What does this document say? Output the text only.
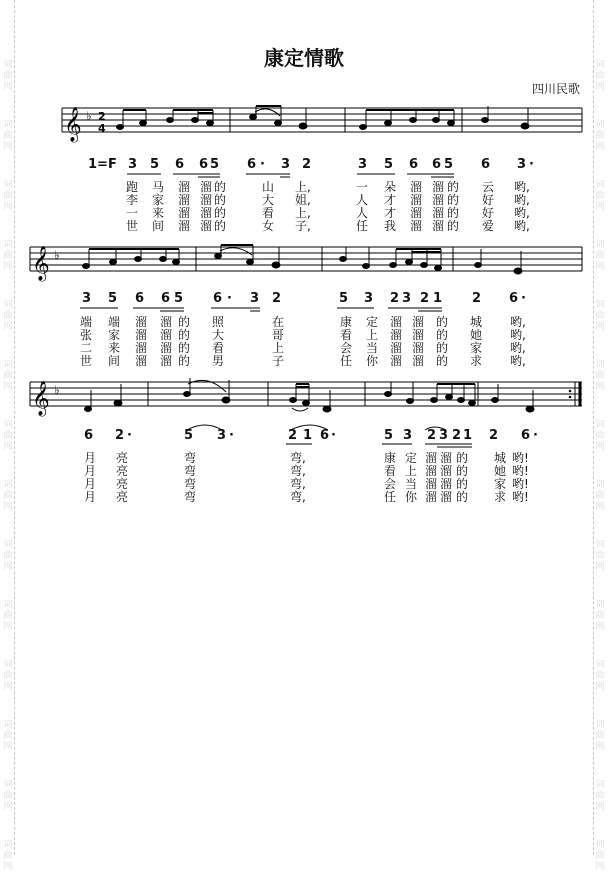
词
曲
网
词
曲
网
词
曲
网
词
曲
网
词
曲
网
词
曲
网
词
曲
网
词
曲
网
词
曲
网
词
曲
网
词
曲
网
词
曲
网
词
曲
网
词
曲
网
词
曲
网
词
曲
网
词
曲
网
词
曲
网
词
曲
网
词
曲
网
词
曲
网
词
曲
网
词
曲
网
词
曲
网
词
曲
网
词
曲
网
词
曲
网
词
曲
网
康定情歌
四川民歌
𝄞 ♭ 2
4
1=F 3 5 6 6 5 6 · 3 2	3 5 6 6 5 6 3 ·
跑 马 溜 溜 的	山 上,	一 朵 溜 溜 的 云 哟,
李 家 溜 溜 的	大 姐,	人 才 溜 溜 的 好 哟,
一 来 溜 溜 的	看 上,	人 才 溜 溜 的 好 哟,
世 间 溜 溜 的	女 子,	任 我 溜 溜 的 爱 哟,
𝄞 ♭
3 5 6 6 5 6 · 3 2	5 3 2 3 2 1 2 6 ·
端 端 溜 溜 的 照	在	康 定 溜 溜 的 城 哟,
张 家 溜 溜 的 大	哥	看 上 溜 溜 的 她 哟,
二 来 溜 溜 的 看	上	会 当 溜 溜 的 家 哟,
世 间 溜 溜 的 男	子	任 你 溜 溜 的 求 哟,
𝄞 ♭
6 2 ·	5 3 ·	2 1 6 ·	5 3 2 3 2 1 2 6 ·
月 亮	弯	弯,	康 定 溜 溜 的 城 哟!
月 亮	弯	弯,	看 上 溜 溜 的 她 哟!
月 亮	弯	弯,	会 当 溜 溜 的 家 哟!
月 亮	弯	弯,	任 你 溜 溜 的 求 哟!
